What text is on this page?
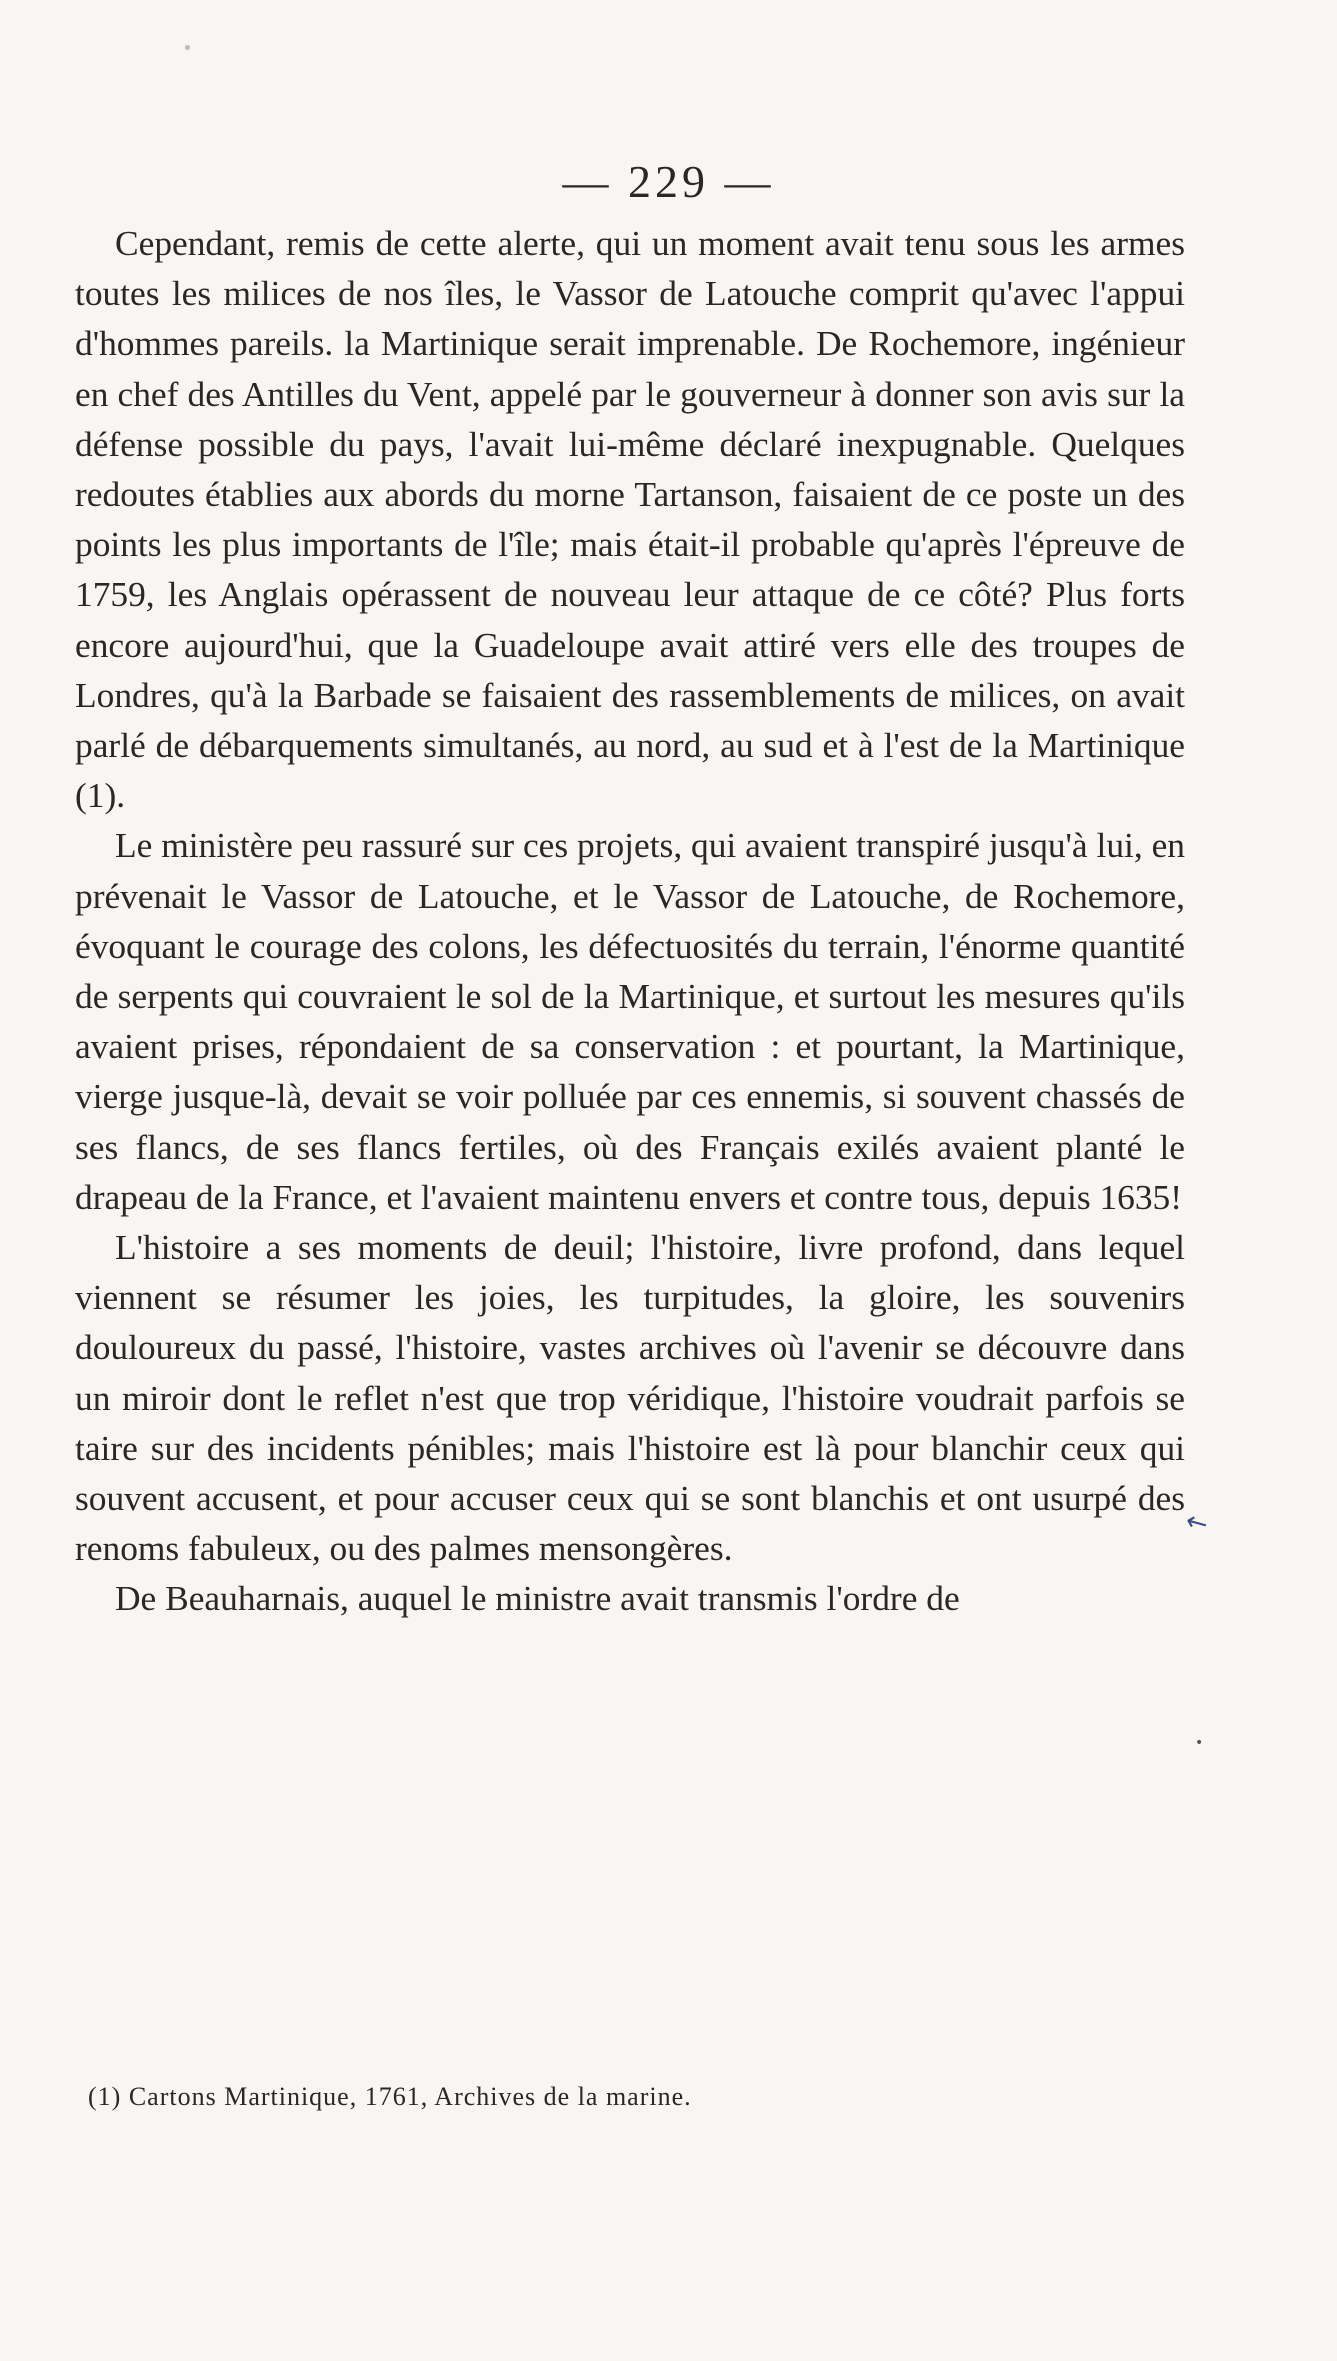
— 229 —

Cependant, remis de cette alerte, qui un moment avait tenu sous les armes toutes les milices de nos îles, le Vassor de Latouche comprit qu'avec l'appui d'hommes pareils. la Martinique serait imprenable. De Rochemore, ingénieur en chef des Antilles du Vent, appelé par le gouverneur à donner son avis sur la défense possible du pays, l'avait lui-même déclaré inexpugnable. Quelques redoutes établies aux abords du morne Tartanson, faisaient de ce poste un des points les plus importants de l'île; mais était-il probable qu'après l'épreuve de 1759, les Anglais opérassent de nouveau leur attaque de ce côté? Plus forts encore aujourd'hui, que la Guadeloupe avait attiré vers elle des troupes de Londres, qu'à la Barbade se faisaient des rassemblements de milices, on avait parlé de débarquements simultanés, au nord, au sud et à l'est de la Martinique (1).

Le ministère peu rassuré sur ces projets, qui avaient transpiré jusqu'à lui, en prévenait le Vassor de Latouche, et le Vassor de Latouche, de Rochemore, évoquant le courage des colons, les défectuosités du terrain, l'énorme quantité de serpents qui couvraient le sol de la Martinique, et surtout les mesures qu'ils avaient prises, répondaient de sa conservation : et pourtant, la Martinique, vierge jusque-là, devait se voir polluée par ces ennemis, si souvent chassés de ses flancs, de ses flancs fertiles, où des Français exilés avaient planté le drapeau de la France, et l'avaient maintenu envers et contre tous, depuis 1635!

L'histoire a ses moments de deuil; l'histoire, livre profond, dans lequel viennent se résumer les joies, les turpitudes, la gloire, les souvenirs douloureux du passé, l'histoire, vastes archives où l'avenir se découvre dans un miroir dont le reflet n'est que trop véridique, l'histoire voudrait parfois se taire sur des incidents pénibles; mais l'histoire est là pour blanchir ceux qui souvent accusent, et pour accuser ceux qui se sont blanchis et ont usurpé des renoms fabuleux, ou des palmes mensongères.

De Beauharnais, auquel le ministre avait transmis l'ordre de

↖
•
(1) Cartons Martinique, 1761, Archives de la marine.
